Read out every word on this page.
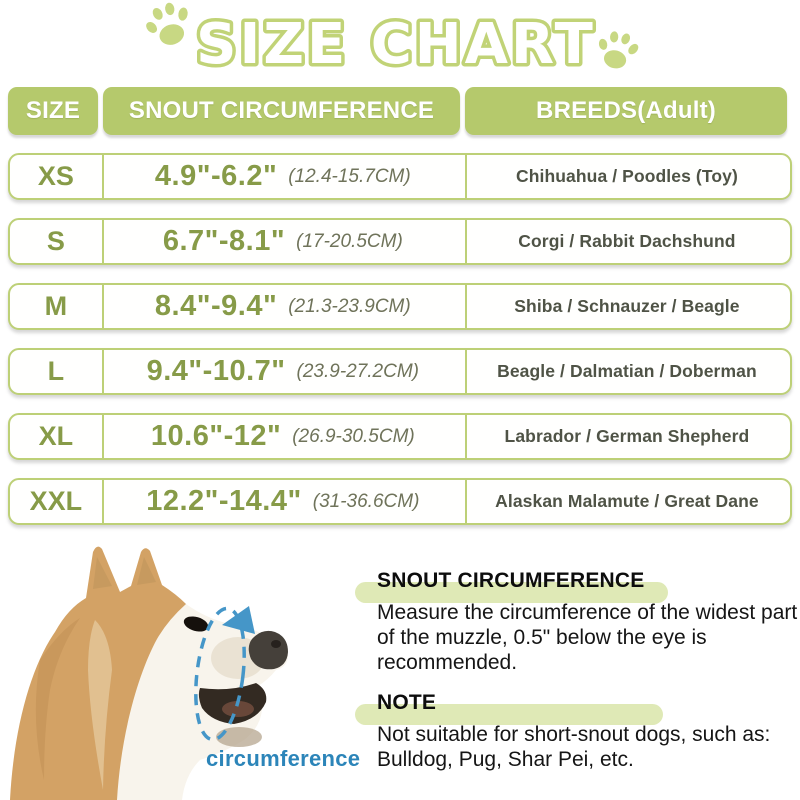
SIZE CHART
SIZE	SNOUT CIRCUMFERENCE	BREEDS(Adult)
XS	4.9"-6.2" (12.4-15.7CM)	Chihuahua / Poodles (Toy)
S	6.7"-8.1" (17-20.5CM)	Corgi / Rabbit Dachshund
M	8.4"-9.4" (21.3-23.9CM)	Shiba / Schnauzer / Beagle
L	9.4"-10.7" (23.9-27.2CM)	Beagle / Dalmatian / Doberman
XL	10.6"-12" (26.9-30.5CM)	Labrador / German Shepherd
XXL	12.2"-14.4" (31-36.6CM)	Alaskan Malamute / Great Dane
circumference
SNOUT CIRCUMFERENCE
Measure the circumference of the widest part of the muzzle, 0.5" below the eye is recommended.
NOTE
Not suitable for short-snout dogs, such as: Bulldog, Pug, Shar Pei, etc.
